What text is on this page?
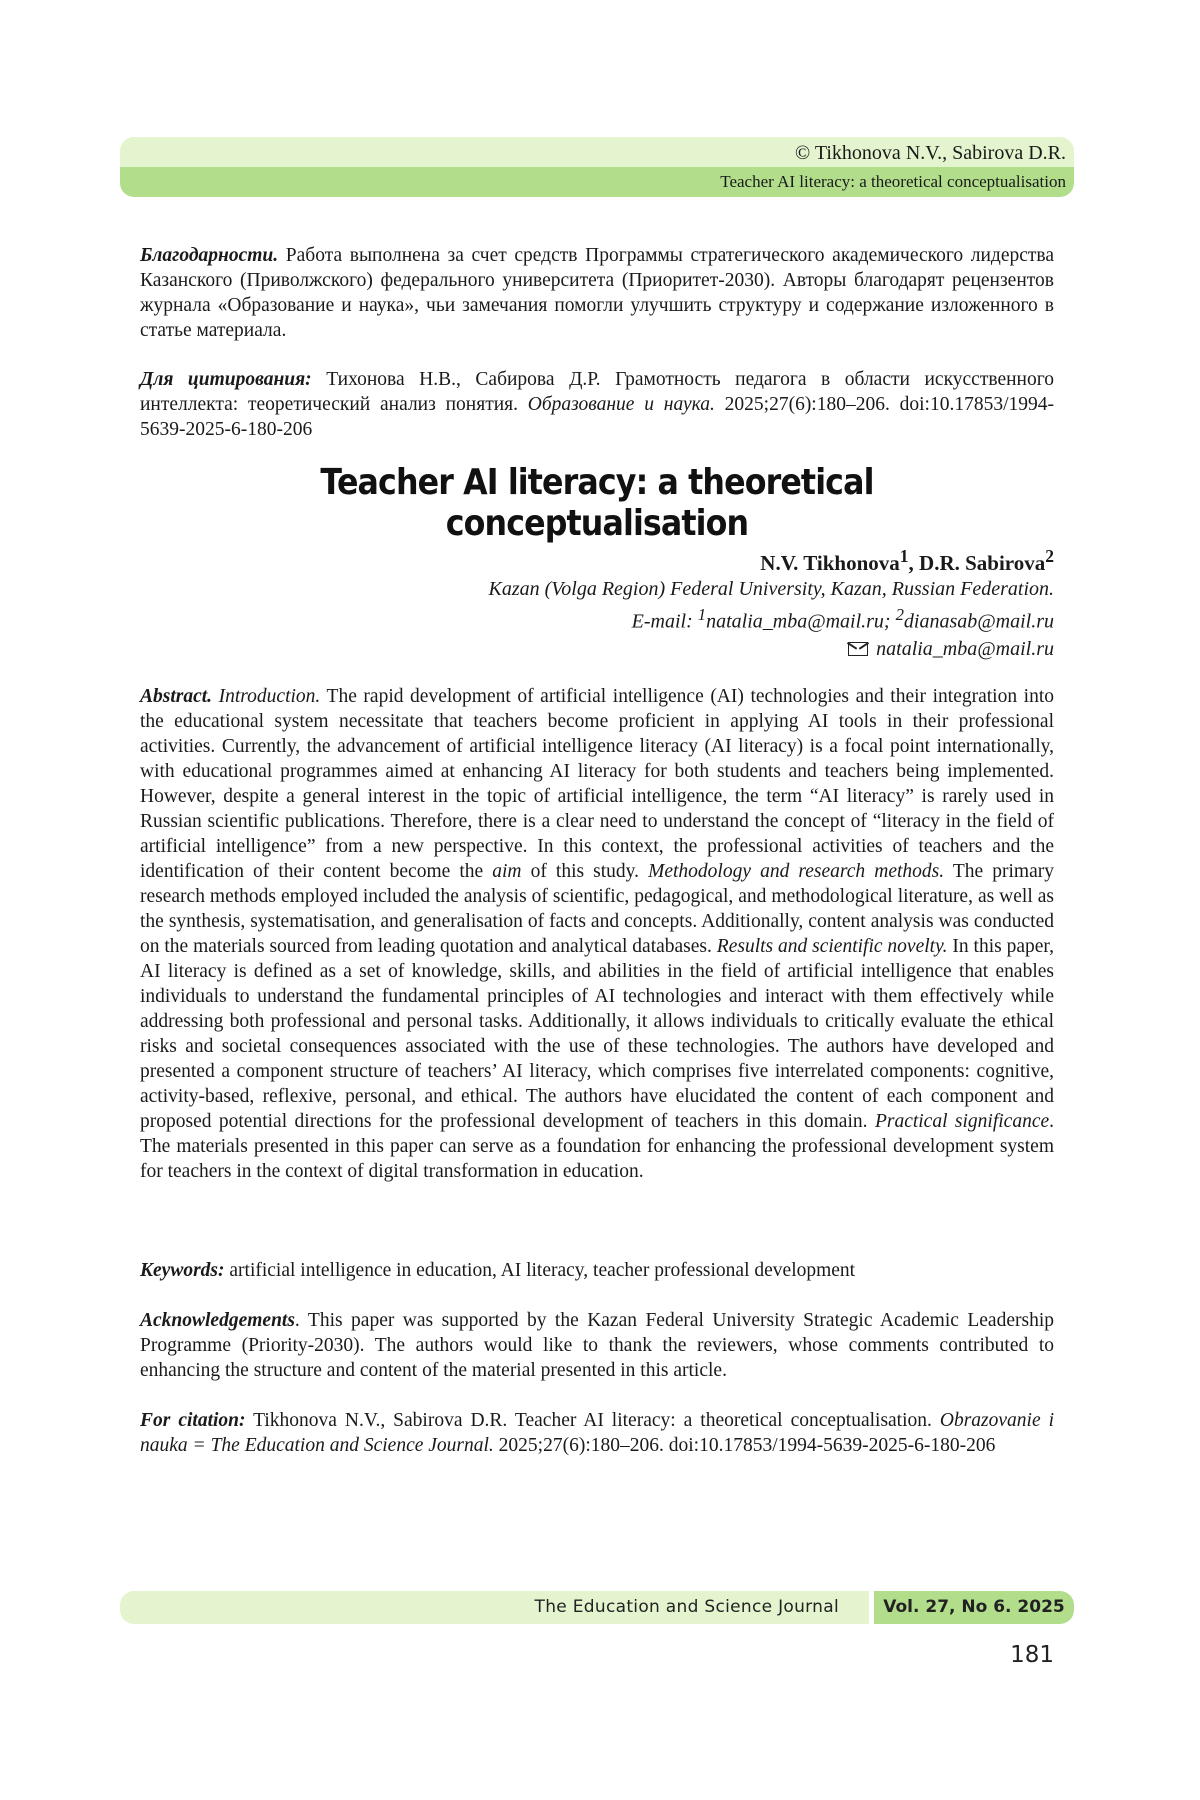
© Tikhonova N.V., Sabirova D.R.
Teacher AI literacy: a theoretical conceptualisation
Благодарности. Работа выполнена за счет средств Программы стратегического академического лидерства Казанского (Приволжского) федерального университета (Приоритет-2030). Авторы благодарят рецензентов журнала «Образование и наука», чьи замечания помогли улучшить структуру и содержание изложенного в статье материала.
Для цитирования: Тихонова Н.В., Сабирова Д.Р. Грамотность педагога в области искусственного интеллекта: теоретический анализ понятия. Образование и наука. 2025;27(6):180–206. doi:10.17853/1994-5639-2025-6-180-206
Teacher AI literacy: a theoretical conceptualisation
N.V. Tikhonova$^1$, D.R. Sabirova$^2$
Kazan (Volga Region) Federal University, Kazan, Russian Federation.
E-mail: $^1$natalia_mba@mail.ru; $^2$dianasab@mail.ru
natalia_mba@mail.ru
Abstract. Introduction. The rapid development of artificial intelligence (AI) technologies and their integration into the educational system necessitate that teachers become proficient in applying AI tools in their professional activities. Currently, the advancement of artificial intelligence literacy (AI literacy) is a focal point internationally, with educational programmes aimed at enhancing AI literacy for both students and teachers being implemented. However, despite a general interest in the topic of artificial intelligence, the term “AI literacy” is rarely used in Russian scientific publications. Therefore, there is a clear need to understand the concept of “literacy in the field of artificial intelligence” from a new perspective. In this context, the professional activities of teachers and the identification of their content become the aim of this study. Methodology and research methods. The primary research methods employed included the analysis of scientific, pedagogical, and methodological literature, as well as the synthesis, systematisation, and generalisation of facts and concepts. Additionally, content analysis was conducted on the materials sourced from leading quotation and analytical databases. Results and scientific novelty. In this paper, AI literacy is defined as a set of knowledge, skills, and abilities in the field of artificial intelligence that enables individuals to understand the fundamental principles of AI technologies and interact with them effectively while addressing both professional and personal tasks. Additionally, it allows individuals to critically evaluate the ethical risks and societal consequences associated with the use of these technologies. The authors have developed and presented a component structure of teachers’ AI literacy, which comprises five interrelated components: cognitive, activity-based, reflexive, personal, and ethical. The authors have elucidated the content of each component and proposed potential directions for the professional development of teachers in this domain. Practical significance. The materials presented in this paper can serve as a foundation for enhancing the professional development system for teachers in the context of digital transformation in education.
Keywords: artificial intelligence in education, AI literacy, teacher professional development
Acknowledgements. This paper was supported by the Kazan Federal University Strategic Academic Leadership Programme (Priority-2030). The authors would like to thank the reviewers, whose comments contributed to enhancing the structure and content of the material presented in this article.
For citation: Tikhonova N.V., Sabirova D.R. Teacher AI literacy: a theoretical conceptualisation. Obrazovanie i nauka = The Education and Science Journal. 2025;27(6):180–206. doi:10.17853/1994-5639-2025-6-180-206
The Education and Science Journal	Vol. 27, No 6. 2025
181
